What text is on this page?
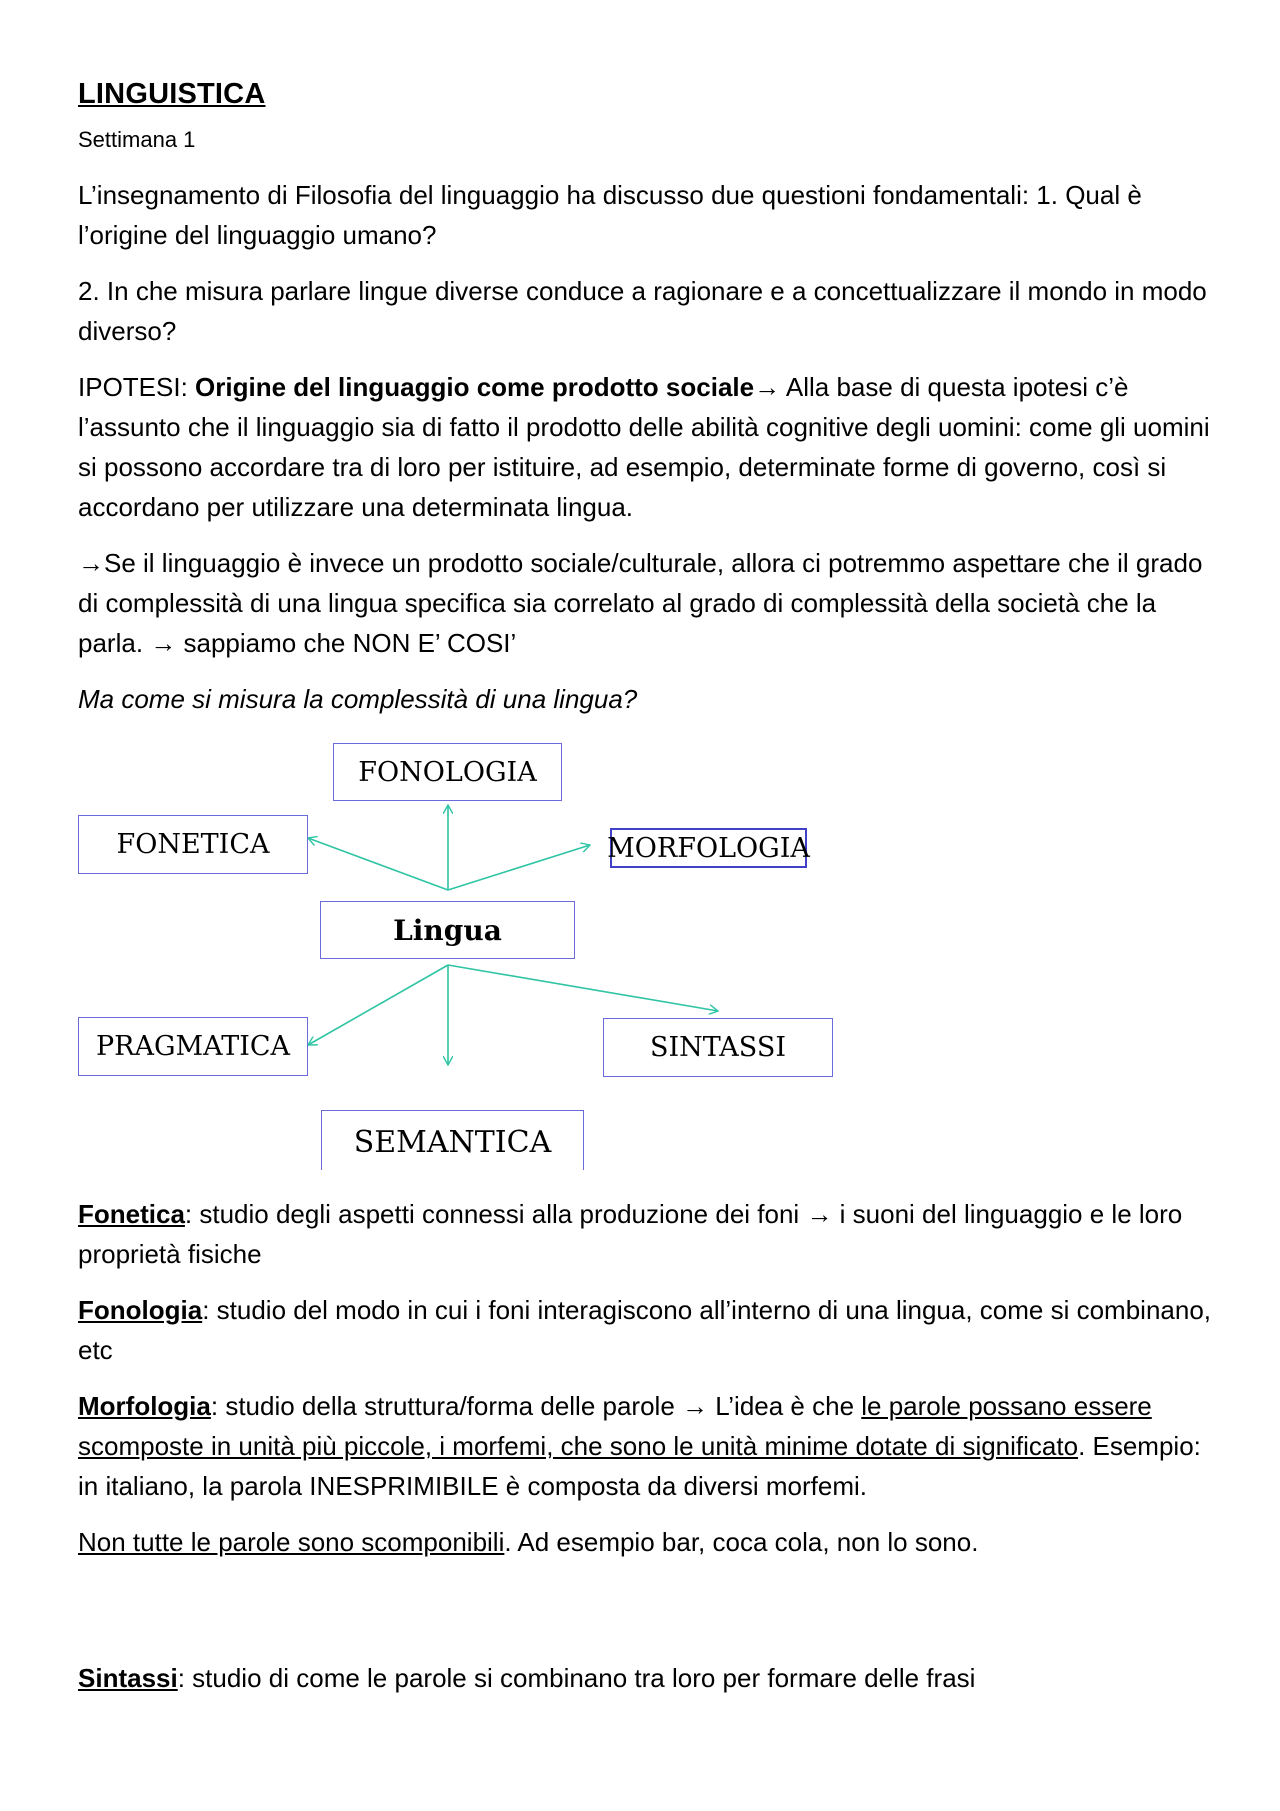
LINGUISTICA
Settimana 1

L’insegnamento di Filosofia del linguaggio ha discusso due questioni fondamentali: 1. Qual è l’origine del linguaggio umano?

2. In che misura parlare lingue diverse conduce a ragionare e a concettualizzare il mondo in modo diverso?

IPOTESI: Origine del linguaggio come prodotto sociale→ Alla base di questa ipotesi c’è l’assunto che il linguaggio sia di fatto il prodotto delle abilità cognitive degli uomini: come gli uomini si possono accordare tra di loro per istituire, ad esempio, determinate forme di governo, così si accordano per utilizzare una determinata lingua.

→Se il linguaggio è invece un prodotto sociale/culturale, allora ci potremmo aspettare che il grado di complessità di una lingua specifica sia correlato al grado di complessità della società che la parla. → sappiamo che NON E’ COSI’

Ma come si misura la complessità di una lingua?

FONOLOGIA
FONETICA	MORFOLOGIA
Lingua
PRAGMATICA	SINTASSI
SEMANTICA

Fonetica: studio degli aspetti connessi alla produzione dei foni → i suoni del linguaggio e le loro proprietà fisiche

Fonologia: studio del modo in cui i foni interagiscono all’interno di una lingua, come si combinano, etc

Morfologia: studio della struttura/forma delle parole → L’idea è che le parole possano essere scomposte in unità più piccole, i morfemi, che sono le unità minime dotate di significato. Esempio: in italiano, la parola INESPRIMIBILE è composta da diversi morfemi.

Non tutte le parole sono scomponibili. Ad esempio bar, coca cola, non lo sono.

Sintassi: studio di come le parole si combinano tra loro per formare delle frasi
